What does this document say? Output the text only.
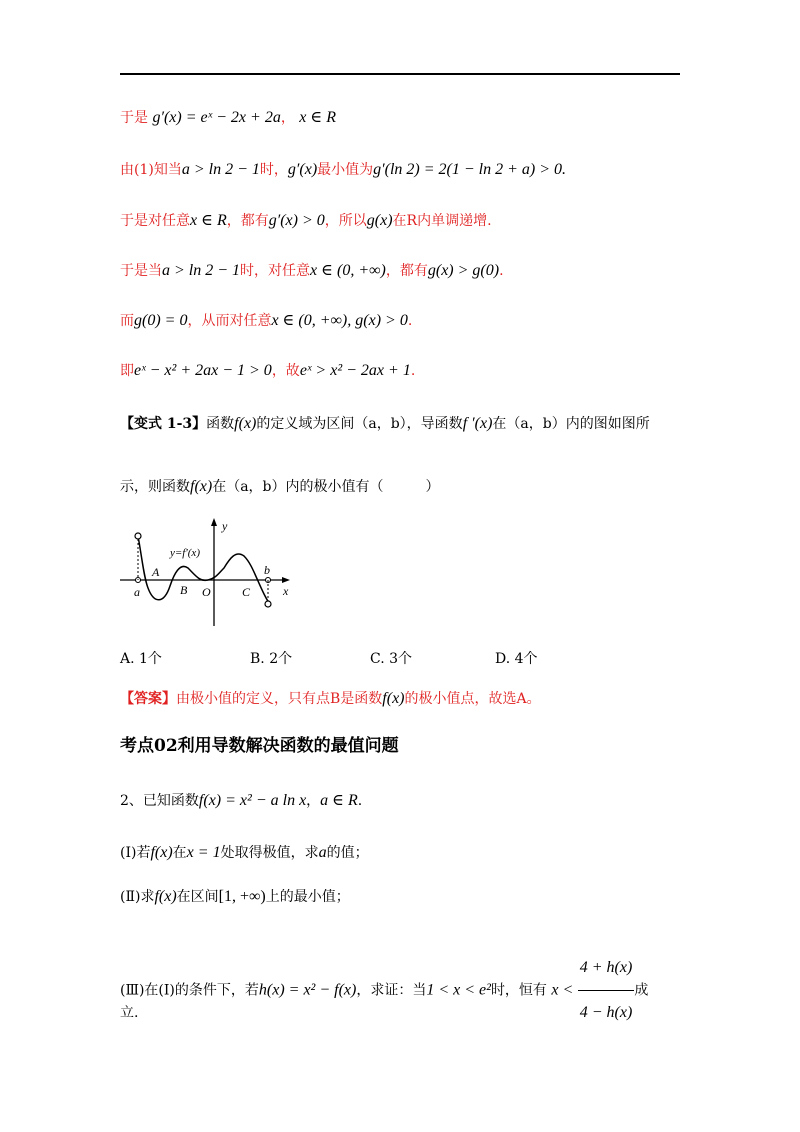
于是 g′(x) = eˣ − 2x + 2a， x ∈ R
由(1)知当a > ln 2 − 1时，g′(x)最小值为g′(ln 2) = 2(1 − ln 2 + a) > 0.
于是对任意x ∈ R，都有g′(x) > 0，所以g(x)在R内单调递增.
于是当a > ln 2 − 1时，对任意x ∈ (0, +∞)，都有g(x) > g(0).
而g(0) = 0，从而对任意x ∈ (0, +∞), g(x) > 0.
即eˣ − x² + 2ax − 1 > 0，故eˣ > x² − 2ax + 1.
【变式 1-3】函数f(x)的定义域为区间（a，b），导函数f ′(x)在（a，b）内的图如图所
示，则函数f(x)在（a，b）内的极小值有（　　　）
y
x
y=f′(x)
a
A
B O	C
b
A. 1个	B. 2个	C. 3个	D. 4个
【答案】由极小值的定义，只有点B是函数f(x)的极小值点，故选A。
考点02利用导数解决函数的最值问题
2、已知函数f(x) = x² − a ln x，a ∈ R.
(Ⅰ)若f(x)在x = 1处取得极值，求a的值；
(Ⅱ)求f(x)在区间[1, +∞)上的最小值；
(Ⅲ)在(Ⅰ)的条件下，若h(x) = x² − f(x)，求证：当1 < x < e²时，恒有 $x < \frac{4 + h(x)}{4 - h(x)}$ 成
立.
